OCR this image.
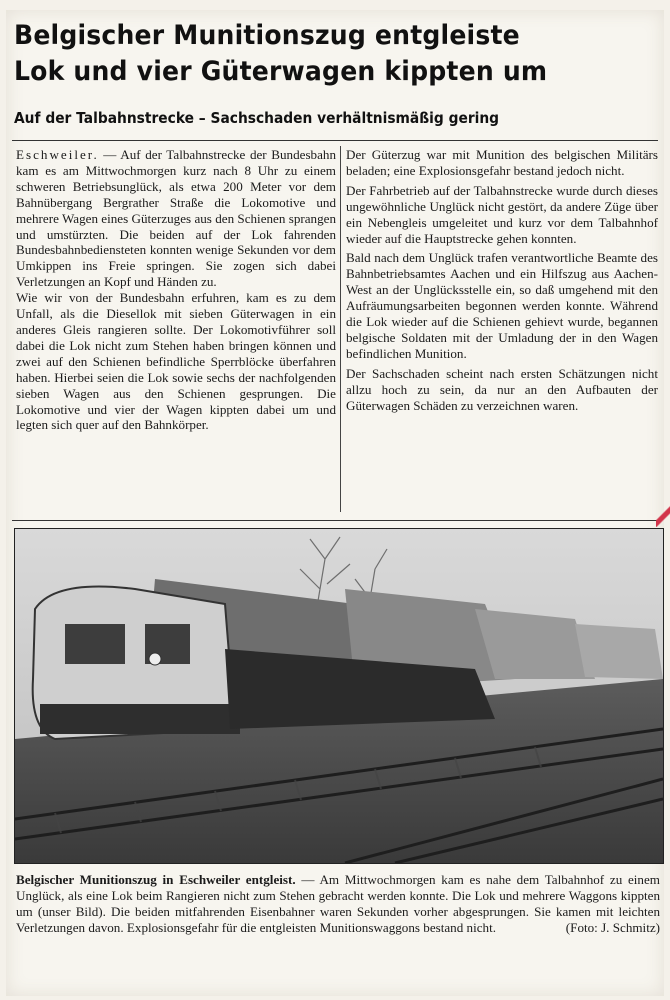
Belgischer Munitionszug entgleiste
Lok und vier Güterwagen kippten um
Auf der Talbahnstrecke – Sachschaden verhältnismäßig gering

Eschweiler. — Auf der Talbahnstrecke der Bundesbahn kam es am Mittwochmorgen kurz nach 8 Uhr zu einem schweren Betriebsunglück, als etwa 200 Meter vor dem Bahnübergang Bergrather Straße die Lokomotive und mehrere Wagen eines Güterzuges aus den Schienen sprangen und umstürzten. Die beiden auf der Lok fahrenden Bundesbahnbediensteten konnten wenige Sekunden vor dem Umkippen ins Freie springen. Sie zogen sich dabei Verletzungen an Kopf und Händen zu.

Wie wir von der Bundesbahn erfuhren, kam es zu dem Unfall, als die Diesellok mit sieben Güterwagen in ein anderes Gleis rangieren sollte. Der Lokomotivführer soll dabei die Lok nicht zum Stehen haben bringen können und zwei auf den Schienen befindliche Sperrblöcke überfahren haben. Hierbei seien die Lok sowie sechs der nachfolgenden sieben Wagen aus den Schienen gesprungen. Die Lokomotive und vier der Wagen kippten dabei um und legten sich quer auf den Bahnkörper.

Der Güterzug war mit Munition des belgischen Militärs beladen; eine Explosionsgefahr bestand jedoch nicht.

Der Fahrbetrieb auf der Talbahnstrecke wurde durch dieses ungewöhnliche Unglück nicht gestört, da andere Züge über ein Nebengleis umgeleitet und kurz vor dem Talbahnhof wieder auf die Hauptstrecke gehen konnten.

Bald nach dem Unglück trafen verantwortliche Beamte des Bahnbetriebsamtes Aachen und ein Hilfszug aus Aachen-West an der Unglücksstelle ein, so daß umgehend mit den Aufräumungsarbeiten begonnen werden konnte. Während die Lok wieder auf die Schienen gehievt wurde, begannen belgische Soldaten mit der Umladung der in den Wagen befindlichen Munition.

Der Sachschaden scheint nach ersten Schätzungen nicht allzu hoch zu sein, da nur an den Aufbauten der Güterwagen Schäden zu verzeichnen waren.

Belgischer Munitionszug in Eschweiler entgleist. — Am Mittwochmorgen kam es nahe dem Talbahnhof zu einem Unglück, als eine Lok beim Rangieren nicht zum Stehen gebracht werden konnte. Die Lok und mehrere Waggons kippten um (unser Bild). Die beiden mitfahrenden Eisenbahner waren Sekunden vorher abgesprungen. Sie kamen mit leichten Verletzungen davon. Explosionsgefahr für die entgleisten Munitionswaggons bestand nicht.	(Foto: J. Schmitz)
